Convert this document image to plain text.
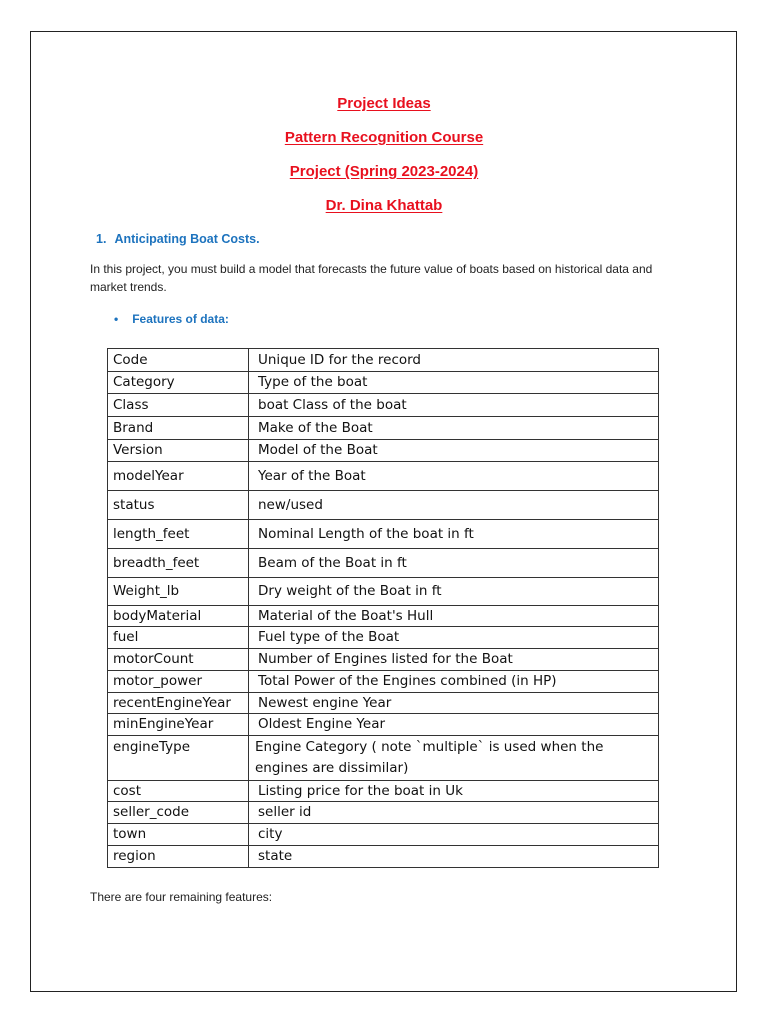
Project Ideas
Pattern Recognition Course
Project (Spring 2023-2024)
Dr. Dina Khattab
1. Anticipating Boat Costs.
In this project, you must build a model that forecasts the future value of boats based on historical data and market trends.
• Features of data:
Code	Unique ID for the record
Category	Type of the boat
Class	boat Class of the boat
Brand	Make of the Boat
Version	Model of the Boat
modelYear	Year of the Boat
status	new/used
length_feet	Nominal Length of the boat in ft
breadth_feet	Beam of the Boat in ft
Weight_lb	Dry weight of the Boat in ft
bodyMaterial	Material of the Boat's Hull
fuel	Fuel type of the Boat
motorCount	Number of Engines listed for the Boat
motor_power	Total Power of the Engines combined (in HP)
recentEngineYear	Newest engine Year
minEngineYear	Oldest Engine Year
engineType	Engine Category ( note `multiple` is used when the engines are dissimilar)
cost	Listing price for the boat in Uk
seller_code	seller id
town	city
region	state
There are four remaining features:
